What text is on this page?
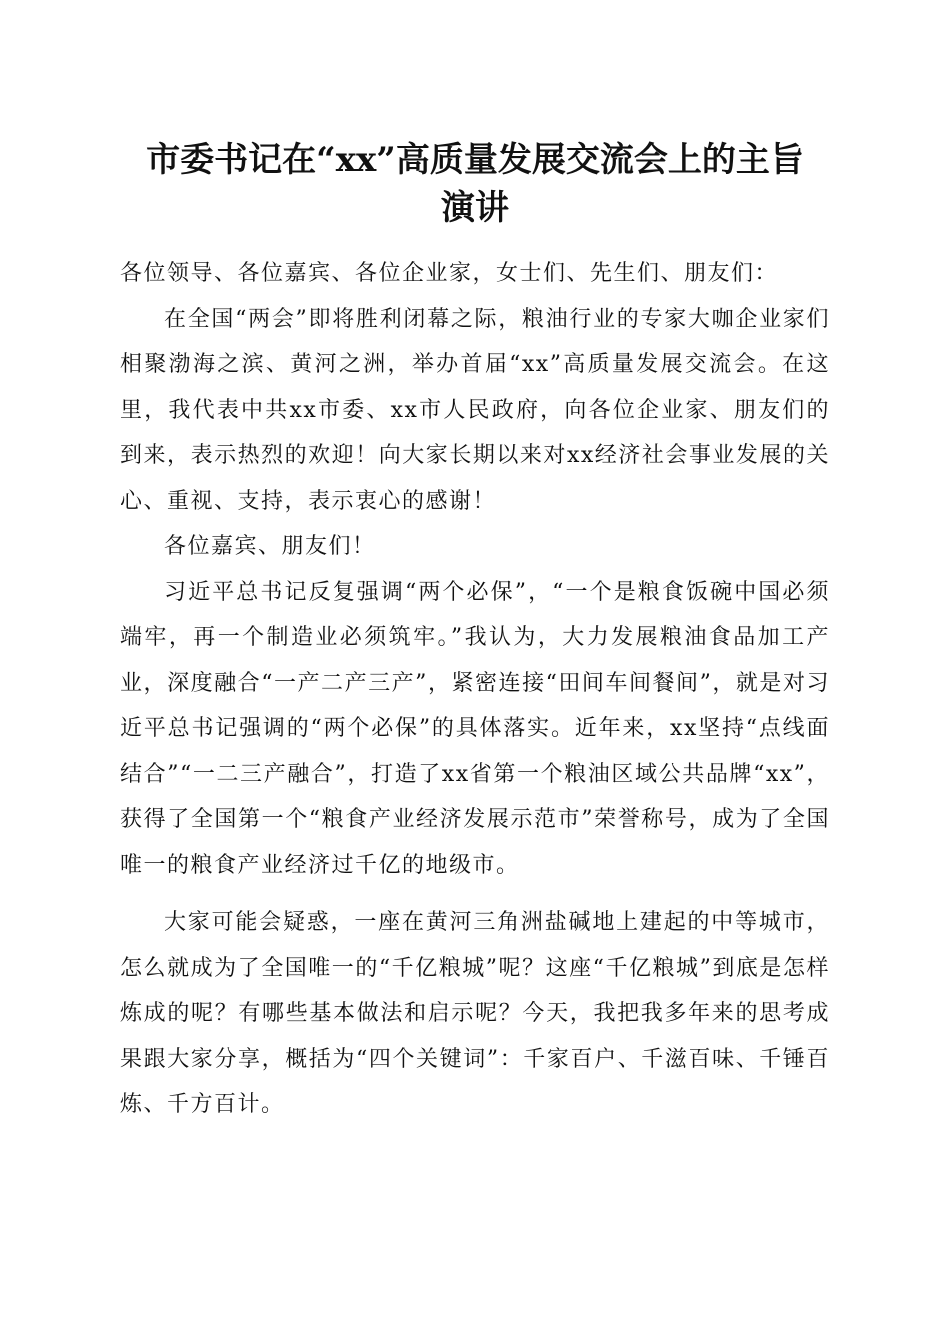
市委书记在“xx”高质量发展交流会上的主旨
演讲

各位领导、各位嘉宾、各位企业家，女士们、先生们、朋友们：

在全国“两会”即将胜利闭幕之际，粮油行业的专家大咖企业家们相聚渤海之滨、黄河之洲，举办首届“xx”高质量发展交流会。在这里，我代表中共xx市委、xx市人民政府，向各位企业家、朋友们的到来，表示热烈的欢迎！向大家长期以来对xx经济社会事业发展的关心、重视、支持，表示衷心的感谢！

各位嘉宾、朋友们！

习近平总书记反复强调“两个必保”，“一个是粮食饭碗中国必须端牢，再一个制造业必须筑牢。”我认为，大力发展粮油食品加工产业，深度融合“一产二产三产”，紧密连接“田间车间餐间”，就是对习近平总书记强调的“两个必保”的具体落实。近年来，xx坚持“点线面结合”“一二三产融合”，打造了xx省第一个粮油区域公共品牌“xx”，获得了全国第一个“粮食产业经济发展示范市”荣誉称号，成为了全国唯一的粮食产业经济过千亿的地级市。

大家可能会疑惑，一座在黄河三角洲盐碱地上建起的中等城市，怎么就成为了全国唯一的“千亿粮城”呢？这座“千亿粮城”到底是怎样炼成的呢？有哪些基本做法和启示呢？今天，我把我多年来的思考成果跟大家分享，概括为“四个关键词”：千家百户、千滋百味、千锤百炼、千方百计。
